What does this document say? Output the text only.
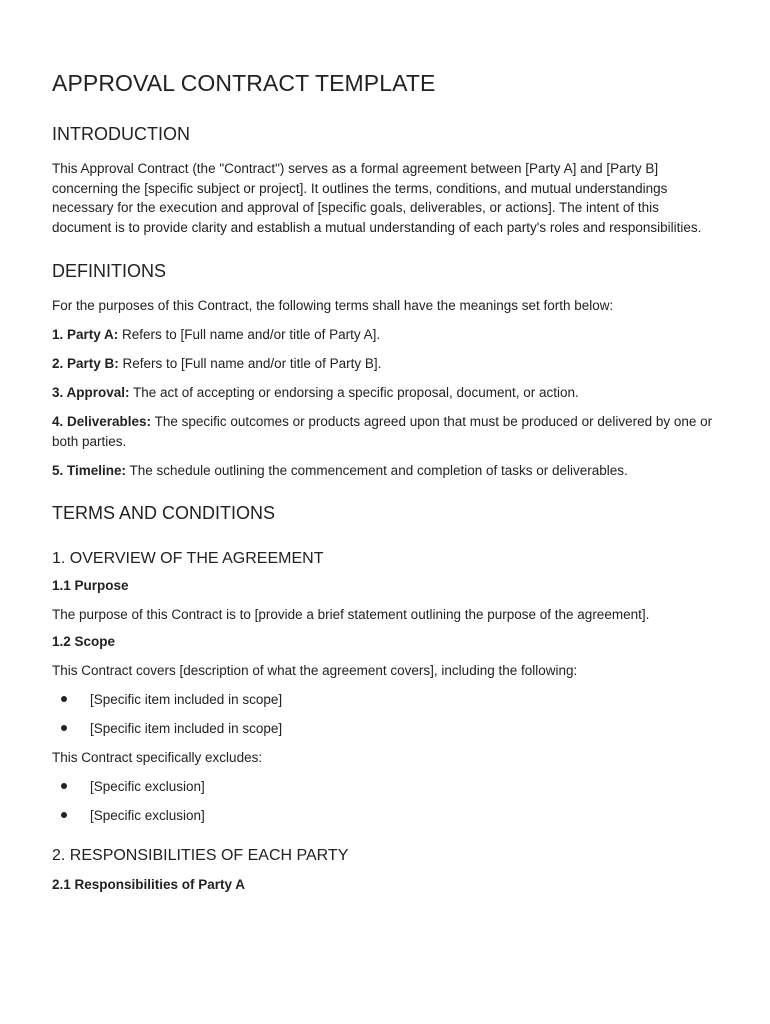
APPROVAL CONTRACT TEMPLATE
INTRODUCTION

This Approval Contract (the "Contract") serves as a formal agreement between [Party A] and [Party B] concerning the [specific subject or project]. It outlines the terms, conditions, and mutual understandings necessary for the execution and approval of [specific goals, deliverables, or actions]. The intent of this document is to provide clarity and establish a mutual understanding of each party's roles and responsibilities.

DEFINITIONS

For the purposes of this Contract, the following terms shall have the meanings set forth below:

1. Party A: Refers to [Full name and/or title of Party A].

2. Party B: Refers to [Full name and/or title of Party B].

3. Approval: The act of accepting or endorsing a specific proposal, document, or action.

4. Deliverables: The specific outcomes or products agreed upon that must be produced or delivered by one or both parties.

5. Timeline: The schedule outlining the commencement and completion of tasks or deliverables.

TERMS AND CONDITIONS
1. OVERVIEW OF THE AGREEMENT
1.1 Purpose

The purpose of this Contract is to [provide a brief statement outlining the purpose of the agreement].

1.2 Scope

This Contract covers [description of what the agreement covers], including the following:

[Specific item included in scope]
[Specific item included in scope]

This Contract specifically excludes:

[Specific exclusion]
[Specific exclusion]
2. RESPONSIBILITIES OF EACH PARTY
2.1 Responsibilities of Party A
